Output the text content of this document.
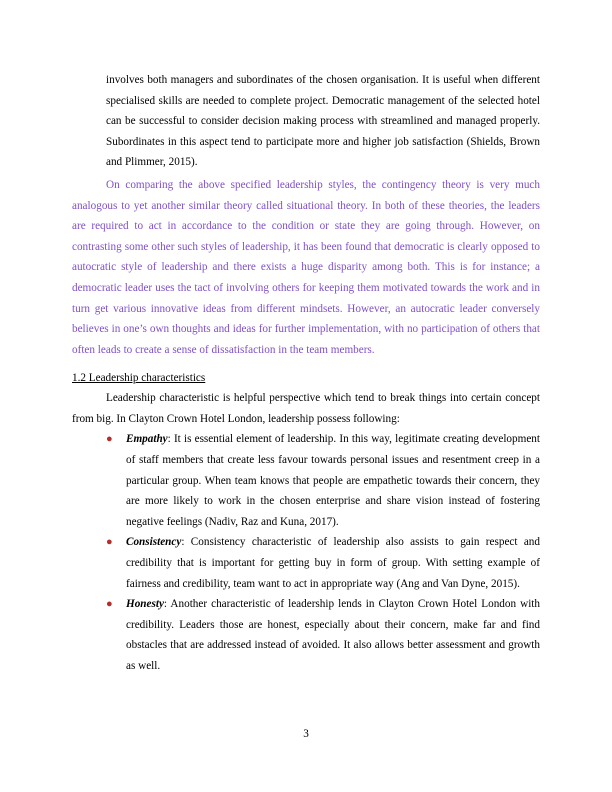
involves both managers and subordinates of the chosen organisation. It is useful when different specialised skills are needed to complete project. Democratic management of the selected hotel can be successful to consider decision making process with streamlined and managed properly. Subordinates in this aspect tend to participate more and higher job satisfaction (Shields, Brown and Plimmer, 2015).

On comparing the above specified leadership styles, the contingency theory is very much analogous to yet another similar theory called situational theory. In both of these theories, the leaders are required to act in accordance to the condition or state they are going through. However, on contrasting some other such styles of leadership, it has been found that democratic is clearly opposed to autocratic style of leadership and there exists a huge disparity among both. This is for instance; a democratic leader uses the tact of involving others for keeping them motivated towards the work and in turn get various innovative ideas from different mindsets. However, an autocratic leader conversely believes in one’s own thoughts and ideas for further implementation, with no participation of others that often leads to create a sense of dissatisfaction in the team members.

1.2 Leadership characteristics

Leadership characteristic is helpful perspective which tend to break things into certain concept from big. In Clayton Crown Hotel London, leadership possess following:

● Empathy: It is essential element of leadership. In this way, legitimate creating development of staff members that create less favour towards personal issues and resentment creep in a particular group. When team knows that people are empathetic towards their concern, they are more likely to work in the chosen enterprise and share vision instead of fostering negative feelings (Nadiv, Raz and Kuna, 2017).
● Consistency: Consistency characteristic of leadership also assists to gain respect and credibility that is important for getting buy in form of group. With setting example of fairness and credibility, team want to act in appropriate way (Ang and Van Dyne, 2015).
● Honesty: Another characteristic of leadership lends in Clayton Crown Hotel London with credibility. Leaders those are honest, especially about their concern, make far and find obstacles that are addressed instead of avoided. It also allows better assessment and growth as well.
3
